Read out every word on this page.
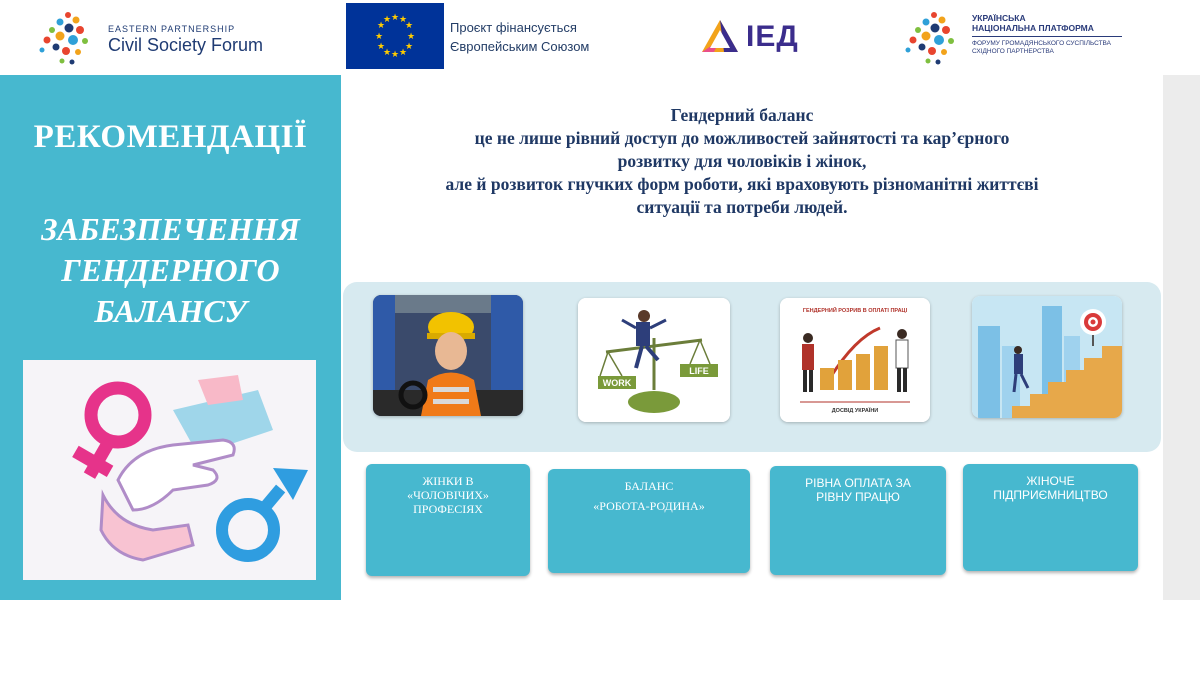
EASTERN PARTNERSHIP
Civil Society Forum
★ ★
★
★
★
★
★
★
★
★
★
★	Проєкт фінансується
Європейським Союзом	ІЕД
УКРАЇНСЬКА
НАЦІОНАЛЬНА ПЛАТФОРМА
ФОРУМУ ГРОМАДЯНСЬКОГО СУСПІЛЬСТВА
СХІДНОГО ПАРТНЕРСТВА
РЕКОМЕНДАЦІЇ
ЗАБЕЗПЕЧЕННЯ
ГЕНДЕРНОГО
БАЛАНСУ
Гендерний баланс
це не лише рівний доступ до можливостей зайнятості та кар’єрного
розвитку для чоловіків і жінок,
але й розвиток гнучких форм роботи, які враховують різноманітні життєві
ситуації та потреби людей.
WORK
LIFE
ГЕНДЕРНИЙ РОЗРИВ В ОПЛАТІ ПРАЦІ
ДОСВІД УКРАЇНИ
ЖІНКИ В
«ЧОЛОВІЧИХ»
ПРОФЕСІЯХ
БАЛАНС
«РОБОТА-РОДИНА»
РІВНА ОПЛАТА ЗА
РІВНУ ПРАЦЮ
ЖІНОЧЕ
ПІДПРИЄМНИЦТВО
